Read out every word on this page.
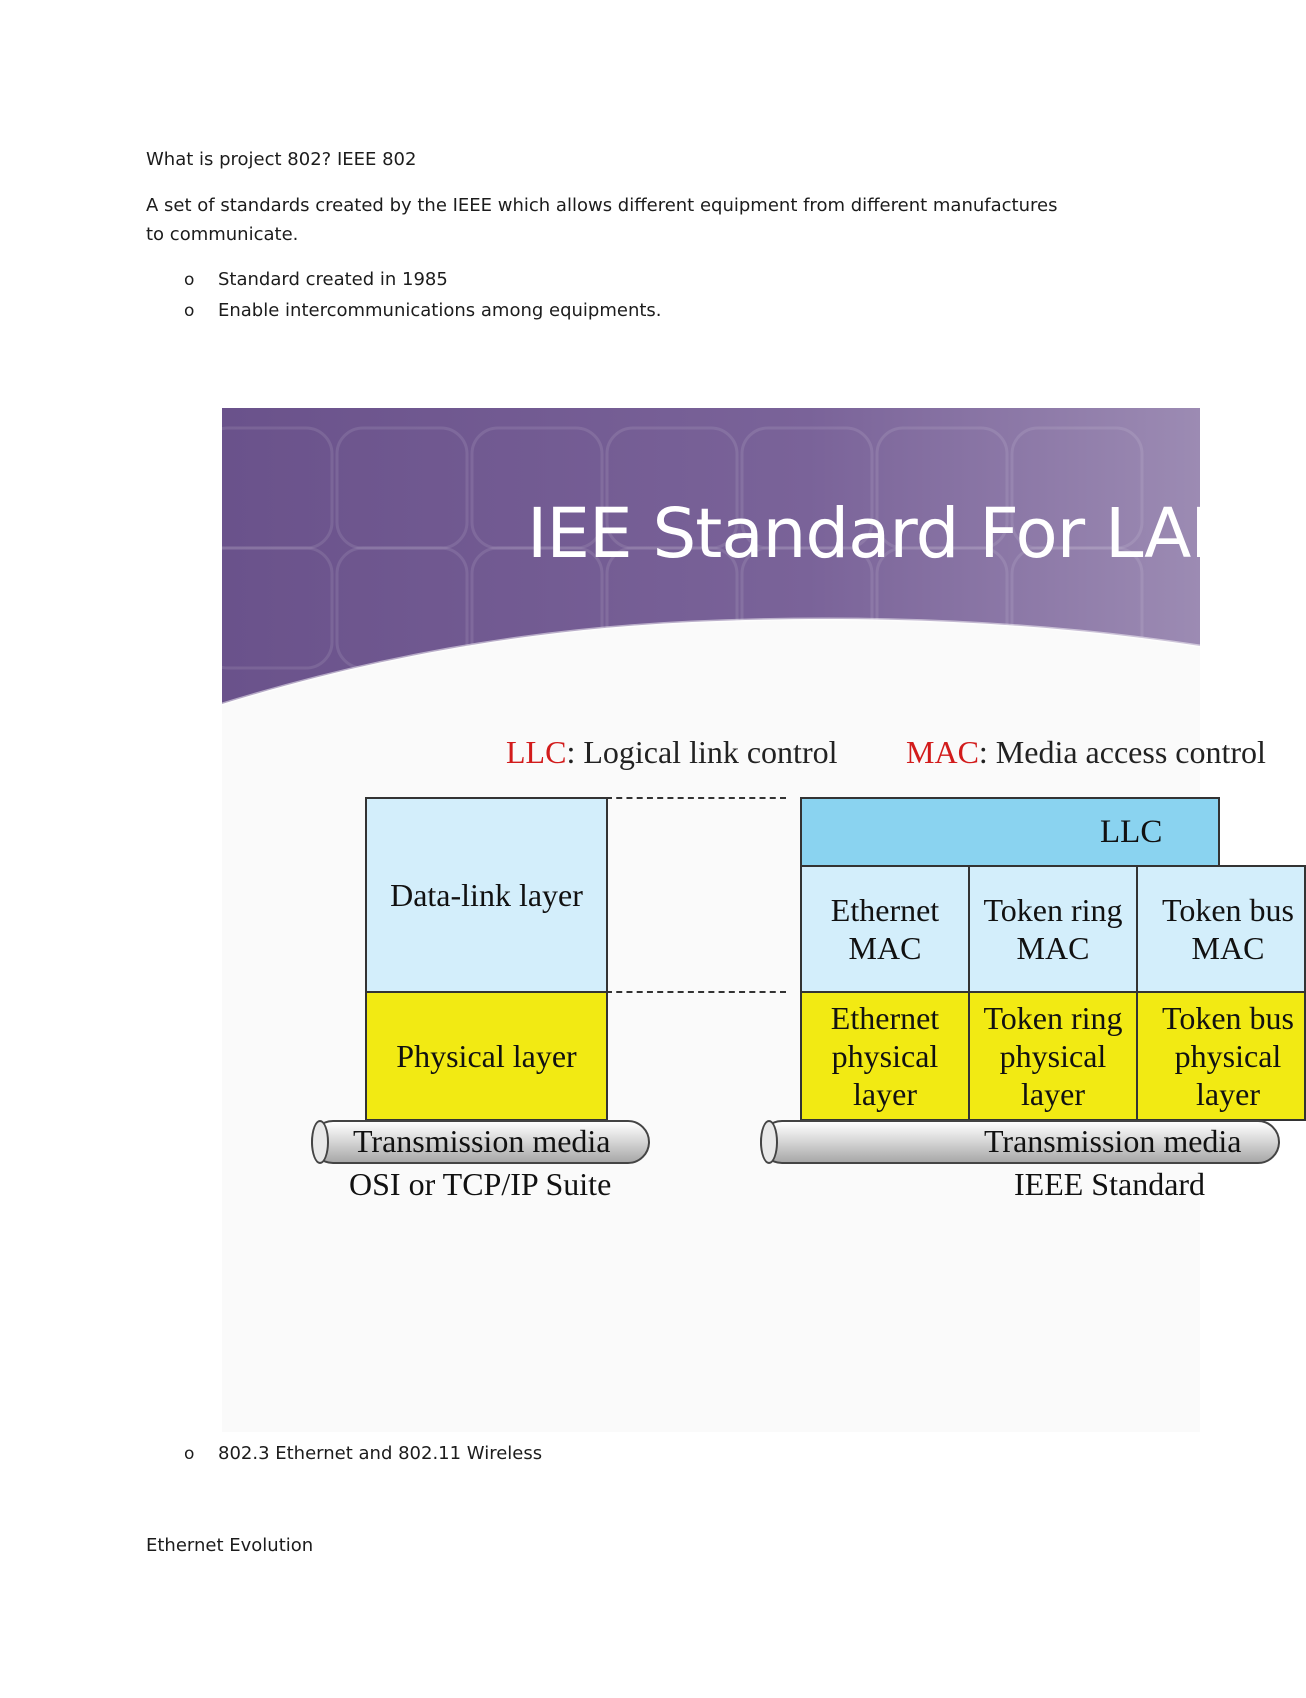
What is project 802? IEEE 802
A set of standards created by the IEEE which allows different equipment from different manufactures
to communicate.
o Standard created in 1985
o Enable intercommunications among equipments.
IEE Standard For LAN
LLC: Logical link control MAC: Media access control
Data-link layer
Physical layer
Transmission media
OSI or TCP/IP Suite
LLC
Ethernet MAC
Token ring MAC
Token bus MAC
Ethernet physical layer
Token ring physical layer
Token bus physical layer
Transmission media
IEEE Standard
o 802.3 Ethernet and 802.11 Wireless
Ethernet Evolution
